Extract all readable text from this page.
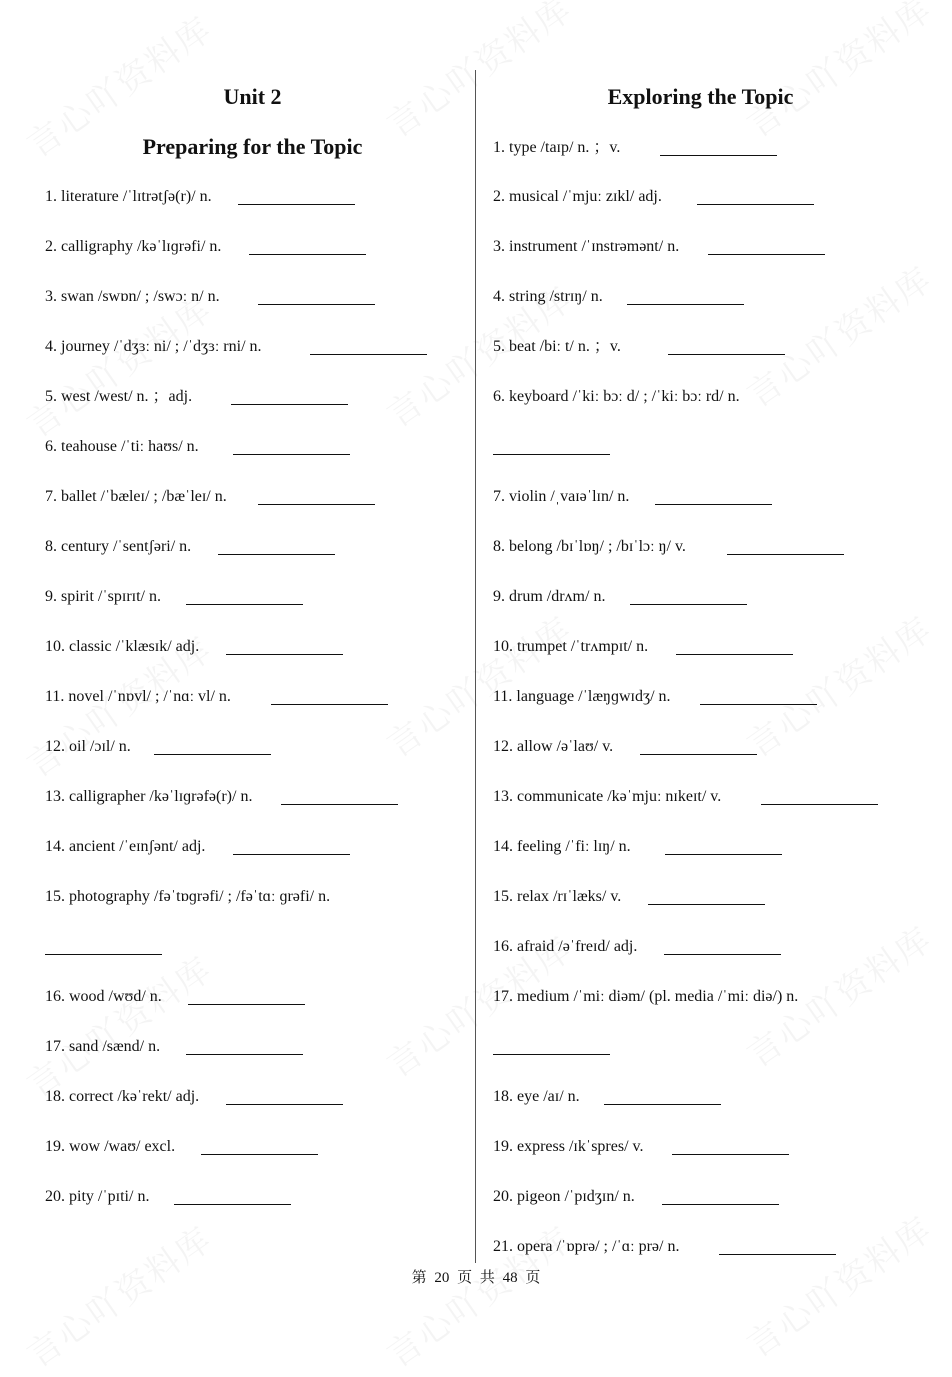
Unit 2
Preparing for the Topic
Exploring the Topic
1. literature /ˈlɪtrətʃə(r)/ n.
2. calligraphy /kəˈlɪɡrəfi/ n.
3. swan /swɒn/ ; /swɔː n/ n.
4. journey /ˈdʒɜː ni/ ; /ˈdʒɜː rni/ n.
5. west /west/ n. ；adj.
6. teahouse /ˈtiː haʊs/ n.
7. ballet /ˈbæleɪ/ ; /bæˈleɪ/ n.
8. century /ˈsentʃəri/ n.
9. spirit /ˈspɪrɪt/ n.
10. classic /ˈklæsɪk/ adj.
11. novel /ˈnɒvl/ ; /ˈnɑː vl/ n.
12. oil /ɔɪl/ n.
13. calligrapher /kəˈlɪɡrəfə(r)/ n.
14. ancient /ˈeɪnʃənt/ adj.
15. photography /fəˈtɒɡrəfi/ ; /fəˈtɑː ɡrəfi/ n.
16. wood /wʊd/ n.
17. sand /sænd/ n.
18. correct /kəˈrekt/ adj.
19. wow /waʊ/ excl.
20. pity /ˈpɪti/ n.
1. type /taɪp/ n. ；v.
2. musical /ˈmjuː zɪkl/ adj.
3. instrument /ˈɪnstrəmənt/ n.
4. string /strɪŋ/ n.
5. beat /biː t/ n. ；v.
6. keyboard /ˈkiː bɔː d/ ; /ˈkiː bɔː rd/ n.
7. violin /ˌvaɪəˈlɪn/ n.
8. belong /bɪˈlɒŋ/ ; /bɪˈlɔː ŋ/ v.
9. drum /drʌm/ n.
10. trumpet /ˈtrʌmpɪt/ n.
11. language /ˈlæŋɡwɪdʒ/ n.
12. allow /əˈlaʊ/ v.
13. communicate /kəˈmjuː nɪkeɪt/ v.
14. feeling /ˈfiː lɪŋ/ n.
15. relax /rɪˈlæks/ v.
16. afraid /əˈfreɪd/ adj.
17. medium /ˈmiː diəm/ (pl. media /ˈmiː diə/) n.
18. eye /aɪ/ n.
19. express /ɪkˈspres/ v.
20. pigeon /ˈpɪdʒɪn/ n.
21. opera /ˈɒprə/ ; /ˈɑː prə/ n.
第 20 页 共 48 页
